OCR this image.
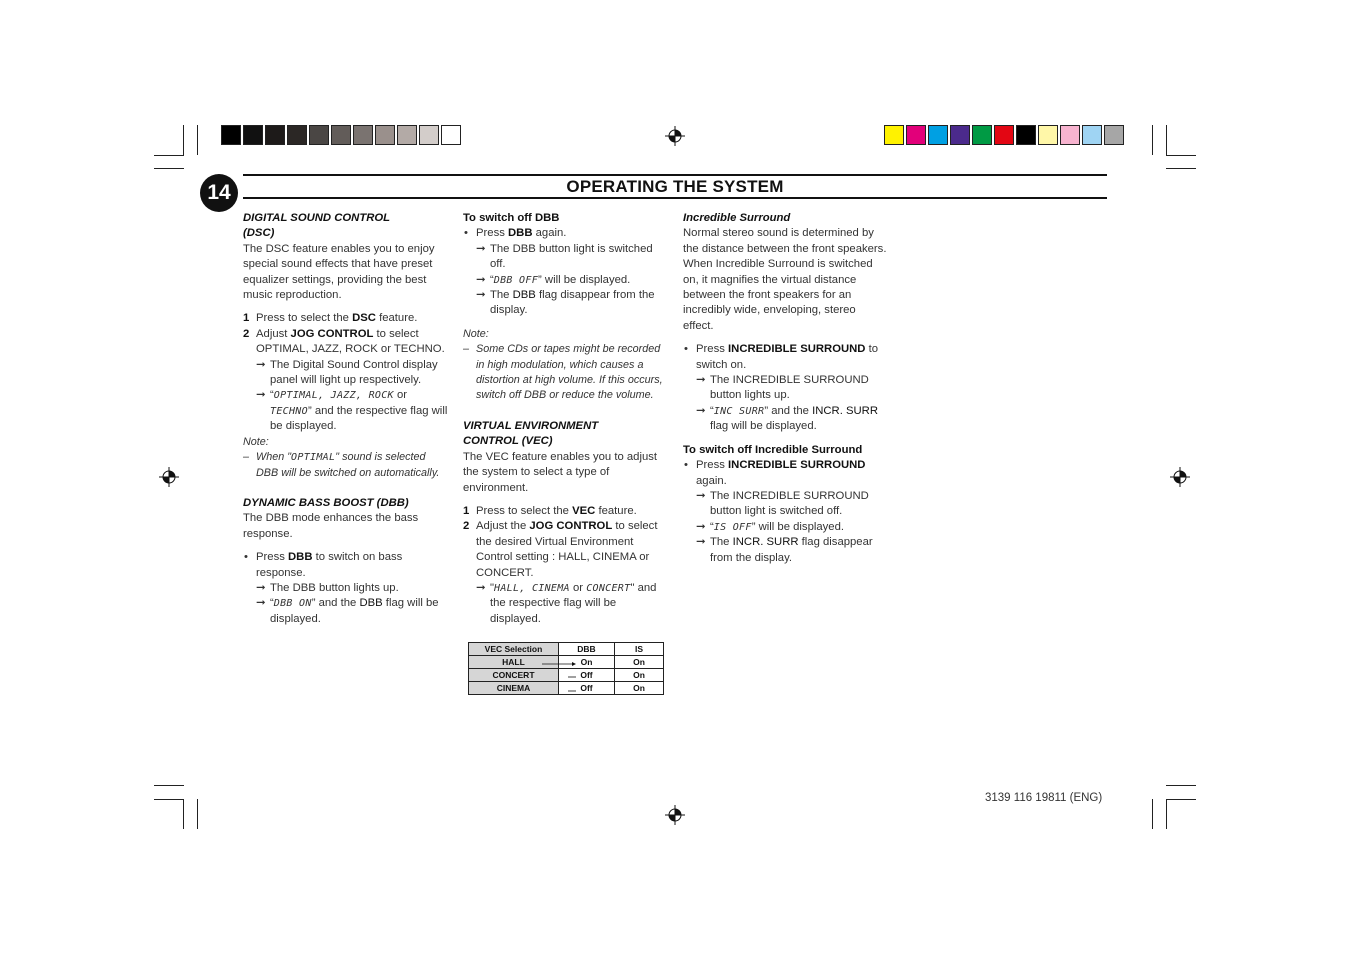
14	OPERATING THE SYSTEM

DIGITAL SOUND CONTROL
(DSC)

The DSC feature enables you to enjoy special sound effects that have preset equalizer settings, providing the best music reproduction.

1 Press to select the DSC feature.

2 Adjust JOG CONTROL to select OPTIMAL, JAZZ, ROCK or TECHNO.

➞ The Digital Sound Control display panel will light up respectively.

➞ “OPTIMAL, JAZZ, ROCK or TECHNO” and the respective flag will be displayed.

Note:

– When "OPTIMAL" sound is selected DBB will be switched on automatically.

DYNAMIC BASS BOOST (DBB)

The DBB mode enhances the bass response.

• Press DBB to switch on bass response.

➞ The DBB button lights up.

➞ “DBB ON” and the DBB flag will be displayed.

To switch off DBB

• Press DBB again.

➞ The DBB button light is switched off.

➞ “DBB OFF” will be displayed.

➞ The DBB flag disappear from the display.

Note:

– Some CDs or tapes might be recorded in high modulation, which causes a distortion at high volume. If this occurs, switch off DBB or reduce the volume.

VIRTUAL ENVIRONMENT
CONTROL (VEC)

The VEC feature enables you to adjust the system to select a type of environment.

1 Press to select the VEC feature.

2 Adjust the JOG CONTROL to select the desired Virtual Environment Control setting : HALL, CINEMA or CONCERT.

➞ "HALL, CINEMA or CONCERT" and the respective flag will be displayed.

VEC Selection	DBB	IS
HALL	On	On
CONCERT	Off	On
CINEMA	Off	On

Incredible Surround

Normal stereo sound is determined by the distance between the front speakers. When Incredible Surround is switched on, it magnifies the virtual distance between the front speakers for an incredibly wide, enveloping, stereo effect.

• Press INCREDIBLE SURROUND to switch on.

➞ The INCREDIBLE SURROUND button lights up.

➞ “INC SURR” and the INCR. SURR flag will be displayed.

To switch off Incredible Surround

• Press INCREDIBLE SURROUND again.

➞ The INCREDIBLE SURROUND button light is switched off.

➞ “IS OFF” will be displayed.

➞ The INCR. SURR flag disappear from the display.

3139 116 19811 (ENG)
